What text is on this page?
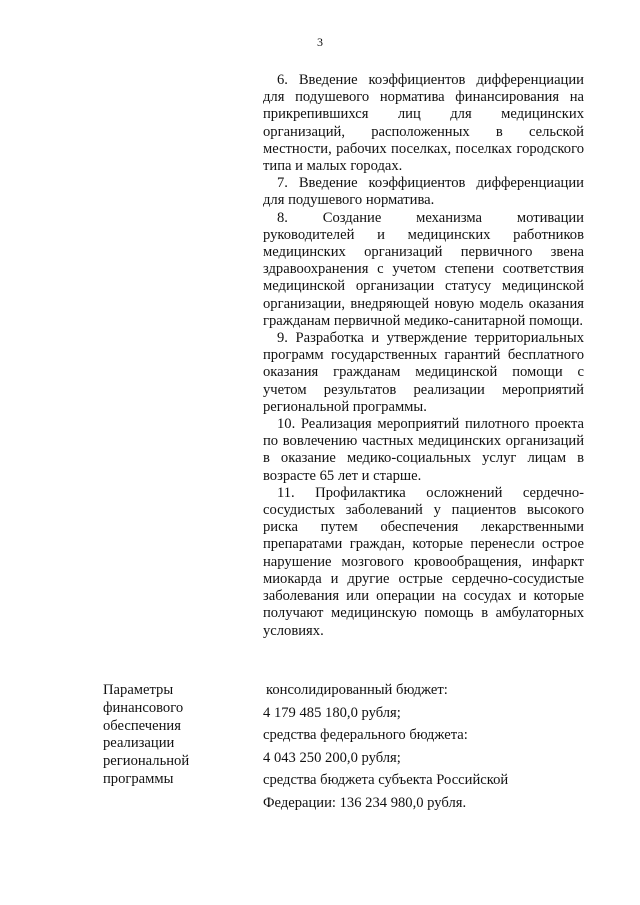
3

6. Введение коэффициентов дифференциации для подушевого норматива финансирования на прикрепившихся лиц для медицинских организаций, расположенных в сельской местности, рабочих поселках, поселках городского типа и малых городах.

7. Введение коэффициентов дифференциации для подушевого норматива.

8. Создание механизма мотивации руководителей и медицинских работников медицинских организаций первичного звена здравоохранения с учетом степени соответствия медицинской организации статусу медицинской организации, внедряющей новую модель оказания гражданам первичной медико-санитарной помощи.

9. Разработка и утверждение территориальных программ государственных гарантий бесплатного оказания гражданам медицинской помощи с учетом результатов реализации мероприятий региональной программы.

10. Реализация мероприятий пилотного проекта по вовлечению частных медицинских организаций в оказание медико-социальных услуг лицам в возрасте 65 лет и старше.

11. Профилактика осложнений сердечно-сосудистых заболеваний у пациентов высокого риска путем обеспечения лекарственными препаратами граждан, которые перенесли острое нарушение мозгового кровообращения, инфаркт миокарда и другие острые сердечно-сосудистые заболевания или операции на сосудах и которые получают медицинскую помощь в амбулаторных условиях.

Параметры
финансового
обеспечения
реализации
региональной
программы
консолидированный бюджет:
4 179 485 180,0 рубля;
средства федерального бюджета:
4 043 250 200,0 рубля;
средства бюджета субъекта Российской
Федерации: 136 234 980,0 рубля.
